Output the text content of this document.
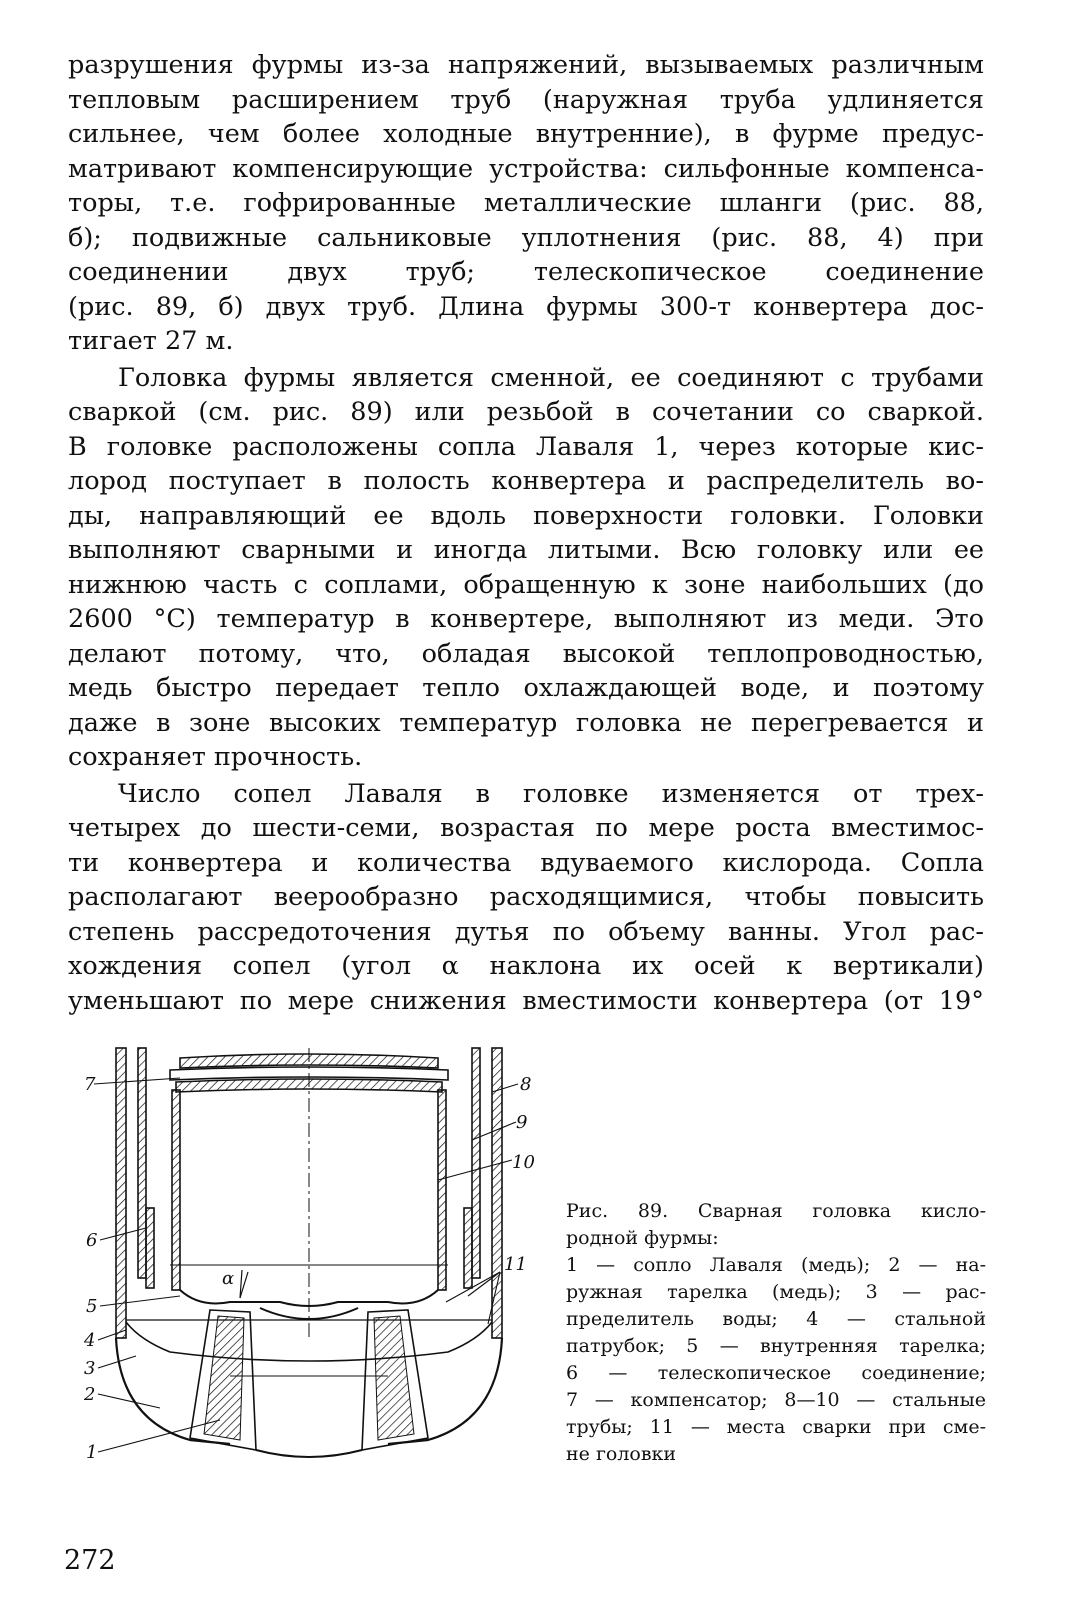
разрушения фурмы из-за напряжений, вызываемых различным
тепловым расширением труб (наружная труба удлиняется
сильнее, чем более холодные внутренние), в фурме предус-
матривают компенсирующие устройства: сильфонные компенса-
торы, т.е. гофрированные металлические шланги (рис. 88,
б); подвижные сальниковые уплотнения (рис. 88, 4) при
соединении двух труб; телескопическое соединение
(рис. 89, б) двух труб. Длина фурмы 300-т конвертера дос-
тигает 27 м.
Головка фурмы является сменной, ее соединяют с трубами
сваркой (см. рис. 89) или резьбой в сочетании со сваркой.
В головке расположены сопла Лаваля 1, через которые кис-
лород поступает в полость конвертера и распределитель во-
ды, направляющий ее вдоль поверхности головки. Головки
выполняют сварными и иногда литыми. Всю головку или ее
нижнюю часть с соплами, обращенную к зоне наибольших (до
2600 °С) температур в конвертере, выполняют из меди. Это
делают потому, что, обладая высокой теплопроводностью,
медь быстро передает тепло охлаждающей воде, и поэтому
даже в зоне высоких температур головка не перегревается и
сохраняет прочность.
Число сопел Лаваля в головке изменяется от трех-
четырех до шести-семи, возрастая по мере роста вместимос-
ти конвертера и количества вдуваемого кислорода. Сопла
располагают веерообразно расходящимися, чтобы повысить
степень рассредоточения дутья по объему ванны. Угол рас-
хождения сопел (угол α наклона их осей к вертикали)
уменьшают по мере снижения вместимости конвертера (от 19°
7	8
9
10
6
5
4
3
2
1
11
α
Рис. 89. Сварная головка кисло-
родной фурмы:
1 — сопло Лаваля (медь); 2 — на-
ружная тарелка (медь); 3 — рас-
пределитель воды; 4 — стальной
патрубок; 5 — внутренняя тарелка;
6 — телескопическое соединение;
7 — компенсатор; 8—10 — стальные
трубы; 11 — места сварки при сме-
не головки
272
